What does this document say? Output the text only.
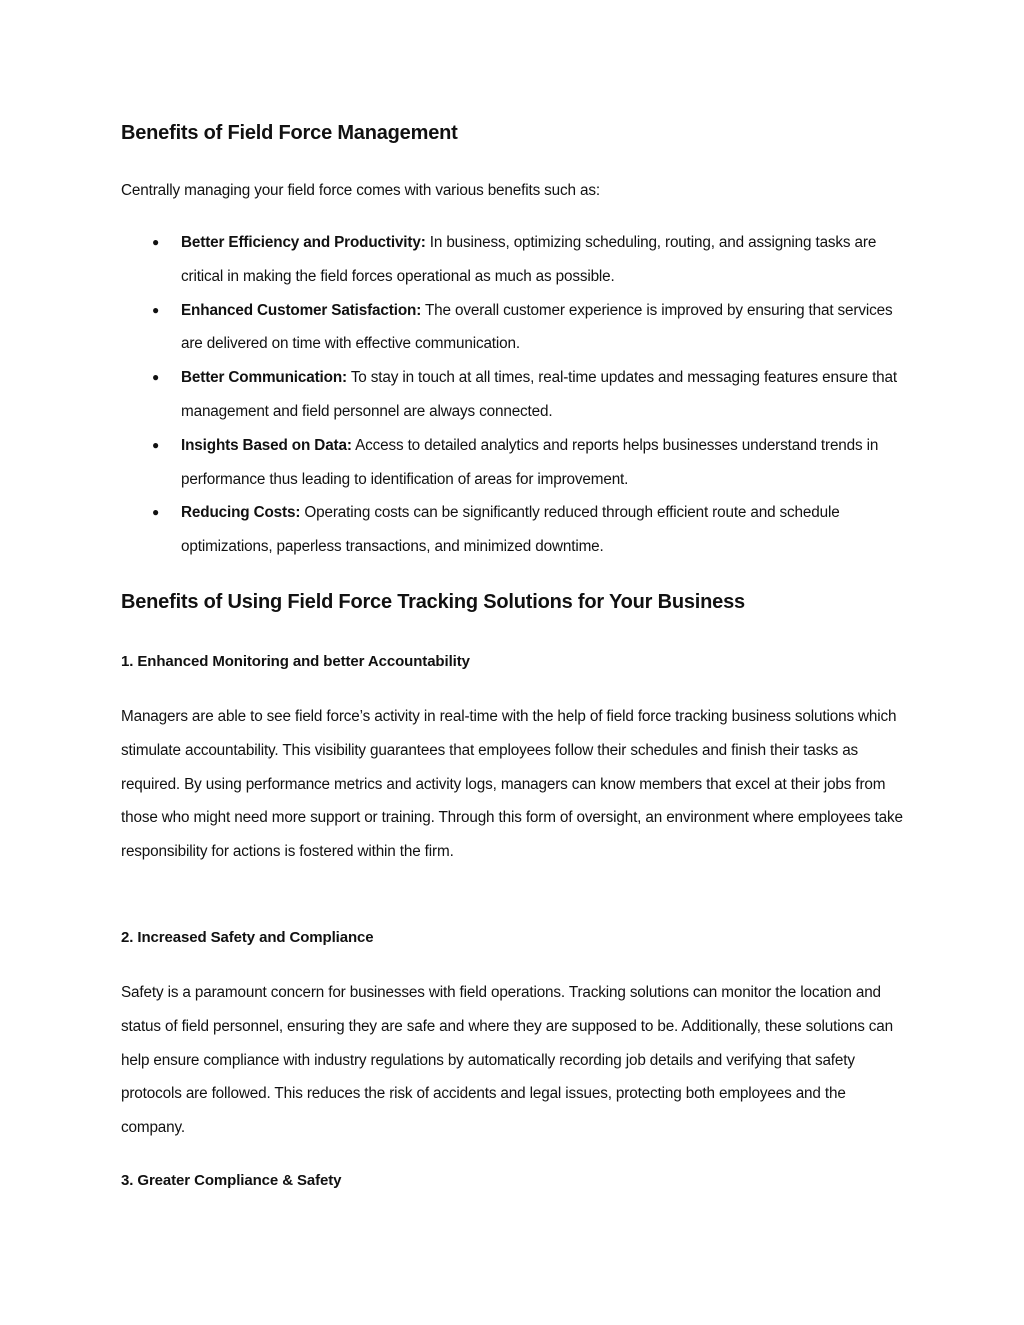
Benefits of Field Force Management

Centrally managing your field force comes with various benefits such as:

● Better Efficiency and Productivity: In business, optimizing scheduling, routing, and assigning tasks are critical in making the field forces operational as much as possible.
● Enhanced Customer Satisfaction: The overall customer experience is improved by ensuring that services are delivered on time with effective communication.
● Better Communication: To stay in touch at all times, real-time updates and messaging features ensure that management and field personnel are always connected.
● Insights Based on Data: Access to detailed analytics and reports helps businesses understand trends in performance thus leading to identification of areas for improvement.
● Reducing Costs: Operating costs can be significantly reduced through efficient route and schedule optimizations, paperless transactions, and minimized downtime.
Benefits of Using Field Force Tracking Solutions for Your Business
1. Enhanced Monitoring and better Accountability

Managers are able to see field force’s activity in real-time with the help of field force tracking business solutions which stimulate accountability. This visibility guarantees that employees follow their schedules and finish their tasks as required. By using performance metrics and activity logs, managers can know members that excel at their jobs from those who might need more support or training. Through this form of oversight, an environment where employees take responsibility for actions is fostered within the firm.

2. Increased Safety and Compliance

Safety is a paramount concern for businesses with field operations. Tracking solutions can monitor the location and status of field personnel, ensuring they are safe and where they are supposed to be. Additionally, these solutions can help ensure compliance with industry regulations by automatically recording job details and verifying that safety protocols are followed. This reduces the risk of accidents and legal issues, protecting both employees and the company.

3. Greater Compliance & Safety
